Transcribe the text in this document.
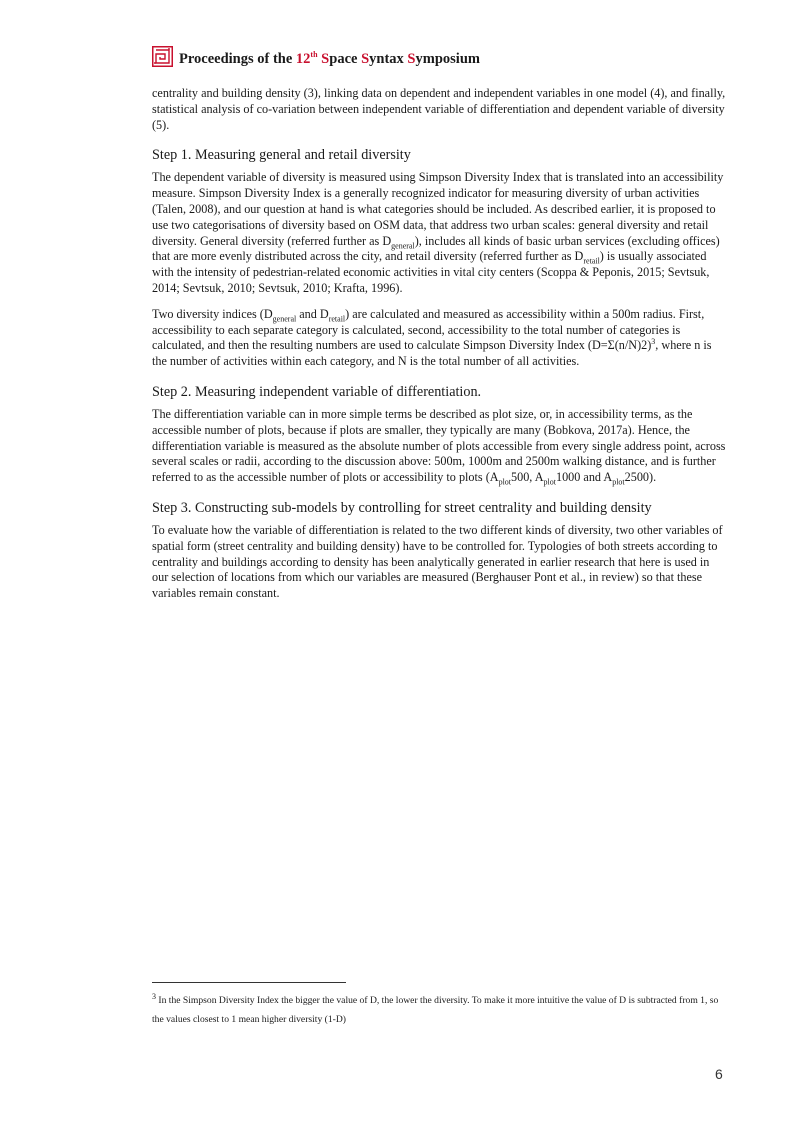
Proceedings of the 12th Space Syntax Symposium

centrality and building density (3), linking data on dependent and independent variables in one model (4), and finally, statistical analysis of co-variation between independent variable of differentiation and dependent variable of diversity (5).

Step 1. Measuring general and retail diversity

The dependent variable of diversity is measured using Simpson Diversity Index that is translated into an accessibility measure. Simpson Diversity Index is a generally recognized indicator for measuring diversity of urban activities (Talen, 2008), and our question at hand is what categories should be included. As described earlier, it is proposed to use two categorisations of diversity based on OSM data, that address two urban scales: general diversity and retail diversity. General diversity (referred further as $D_{general}$), includes all kinds of basic urban services (excluding offices) that are more evenly distributed across the city, and retail diversity (referred further as $D_{retail}$) is usually associated with the intensity of pedestrian-related economic activities in vital city centers (Scoppa & Peponis, 2015; Sevtsuk, 2014; Sevtsuk, 2010; Sevtsuk, 2010; Krafta, 1996).

Two diversity indices ($D_{general}$ and $D_{retail}$) are calculated and measured as accessibility within a 500m radius. First, accessibility to each separate category is calculated, second, accessibility to the total number of categories is calculated, and then the resulting numbers are used to calculate Simpson Diversity Index (D=Σ(n/N)2)$^3$, where n is the number of activities within each category, and N is the total number of all activities.

Step 2. Measuring independent variable of differentiation.

The differentiation variable can in more simple terms be described as plot size, or, in accessibility terms, as the accessible number of plots, because if plots are smaller, they typically are many (Bobkova, 2017a). Hence, the differentiation variable is measured as the absolute number of plots accessible from every single address point, across several scales or radii, according to the discussion above: 500m, 1000m and 2500m walking distance, and is further referred to as the accessible number of plots or accessibility to plots ($A_{plot}500$, $A_{plot}1000$ and $A_{plot}2500$).

Step 3. Constructing sub-models by controlling for street centrality and building density

To evaluate how the variable of differentiation is related to the two different kinds of diversity, two other variables of spatial form (street centrality and building density) have to be controlled for. Typologies of both streets according to centrality and buildings according to density has been analytically generated in earlier research that here is used in our selection of locations from which our variables are measured (Berghauser Pont et al., in review) so that these variables remain constant.

$^3$ In the Simpson Diversity Index the bigger the value of D, the lower the diversity. To make it more intuitive the value of D is subtracted from 1, so the values closest to 1 mean higher diversity (1-D)
6
